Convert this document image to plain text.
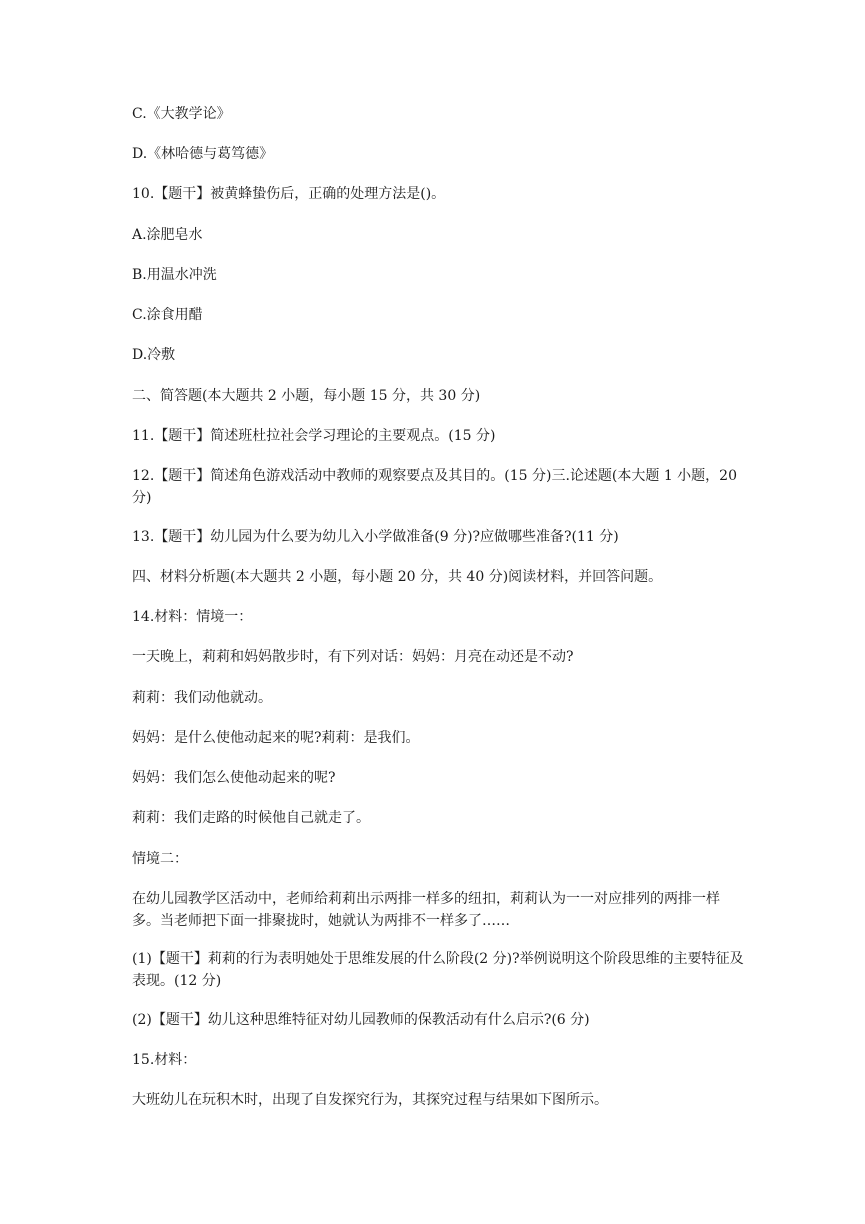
C.《大教学论》
D.《林哈德与葛笃德》
10.【题干】被黄蜂蛰伤后，正确的处理方法是()。
A.涂肥皂水
B.用温水冲洗
C.涂食用醋
D.冷敷
二、简答题(本大题共 2 小题，每小题 15 分，共 30 分)
11.【题干】简述班杜拉社会学习理论的主要观点。(15 分)
12.【题干】简述角色游戏活动中教师的观察要点及其目的。(15 分)三.论述题(本大题 1 小题，20 分)
13.【题干】幼儿园为什么要为幼儿入小学做准备(9 分)?应做哪些准备?(11 分)
四、材料分析题(本大题共 2 小题，每小题 20 分，共 40 分)阅读材料，并回答问题。
14.材料：情境一：
一天晚上，莉莉和妈妈散步时，有下列对话：妈妈：月亮在动还是不动?
莉莉：我们动他就动。
妈妈：是什么使他动起来的呢?莉莉：是我们。
妈妈：我们怎么使他动起来的呢?
莉莉：我们走路的时候他自己就走了。
情境二：
在幼儿园教学区活动中，老师给莉莉出示两排一样多的纽扣，莉莉认为一一对应排列的两排一样多。当老师把下面一排聚拢时，她就认为两排不一样多了……
(1)【题干】莉莉的行为表明她处于思维发展的什么阶段(2 分)?举例说明这个阶段思维的主要特征及表现。(12 分)
(2)【题干】幼儿这种思维特征对幼儿园教师的保教活动有什么启示?(6 分)
15.材料：
大班幼儿在玩积木时，出现了自发探究行为，其探究过程与结果如下图所示。
